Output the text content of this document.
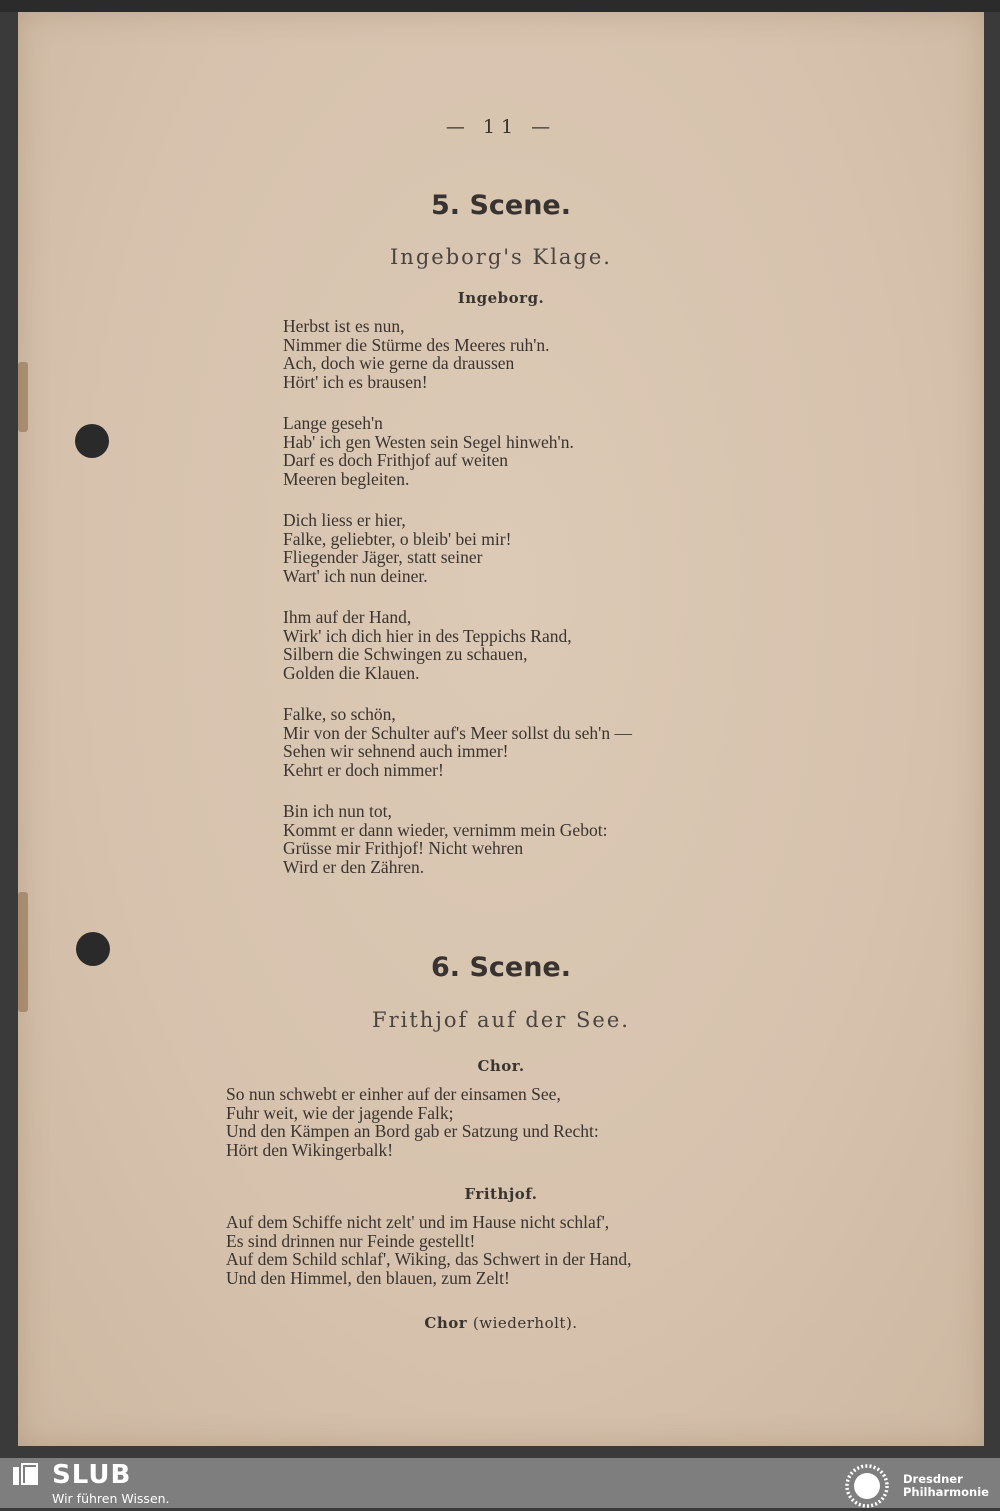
— 11 —
5. Scene.
Ingeborg's Klage.
Ingeborg.
Herbst ist es nun,
Nimmer die Stürme des Meeres ruh'n.
Ach, doch wie gerne da draussen
Hört' ich es brausen!
Lange geseh'n
Hab' ich gen Westen sein Segel hinweh'n.
Darf es doch Frithjof auf weiten
Meeren begleiten.
Dich liess er hier,
Falke, geliebter, o bleib' bei mir!
Fliegender Jäger, statt seiner
Wart' ich nun deiner.
Ihm auf der Hand,
Wirk' ich dich hier in des Teppichs Rand,
Silbern die Schwingen zu schauen,
Golden die Klauen.
Falke, so schön,
Mir von der Schulter auf's Meer sollst du seh'n —
Sehen wir sehnend auch immer!
Kehrt er doch nimmer!
Bin ich nun tot,
Kommt er dann wieder, vernimm mein Gebot:
Grüsse mir Frithjof! Nicht wehren
Wird er den Zähren.
6. Scene.
Frithjof auf der See.
Chor.
So nun schwebt er einher auf der einsamen See,
Fuhr weit, wie der jagende Falk;
Und den Kämpen an Bord gab er Satzung und Recht:
Hört den Wikingerbalk!
Frithjof.
Auf dem Schiffe nicht zelt' und im Hause nicht schlaf',
Es sind drinnen nur Feinde gestellt!
Auf dem Schild schlaf', Wiking, das Schwert in der Hand,
Und den Himmel, den blauen, zum Zelt!
Chor (wiederholt).
SLUB
Wir führen Wissen.
Dresdner
Philharmonie
